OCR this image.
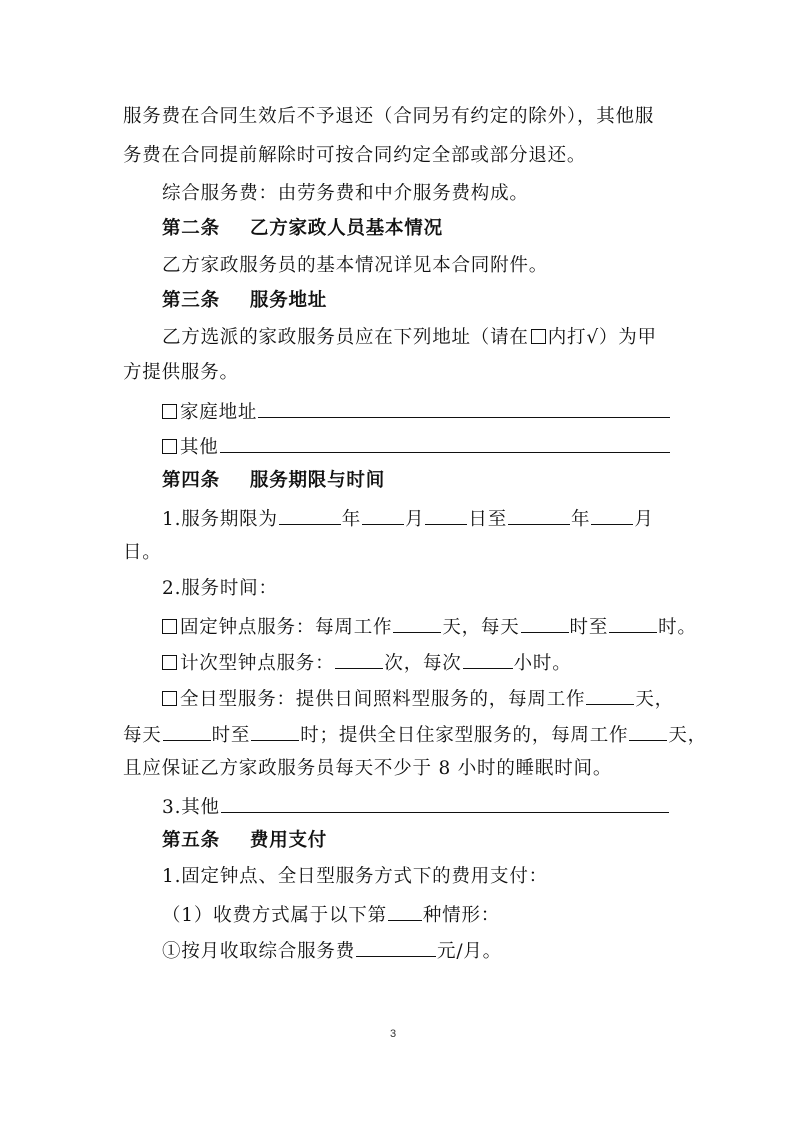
服务费在合同生效后不予退还（合同另有约定的除外），其他服
务费在合同提前解除时可按合同约定全部或部分退还。
综合服务费：由劳务费和中介服务费构成。
第二条 乙方家政人员基本情况
乙方家政服务员的基本情况详见本合同附件。
第三条 服务地址
乙方选派的家政服务员应在下列地址（请在 内打√）为甲
方提供服务。
家庭地址
其他
第四条 服务期限与时间
1.服务期限为	年 月 日至	年 月
日。
2.服务时间：
固定钟点服务：每周工作	天，每天	时至	时。
计次型钟点服务：	次，每次	小时。
全日型服务：提供日间照料型服务的，每周工作	天，
每天	时至	时；提供全日住家型服务的，每周工作 天，
且应保证乙方家政服务员每天不少于 8 小时的睡眠时间。
3.其他
第五条 费用支付
1.固定钟点、全日型服务方式下的费用支付：
（1）收费方式属于以下第 种情形：
①按月收取综合服务费	元/月。
3
